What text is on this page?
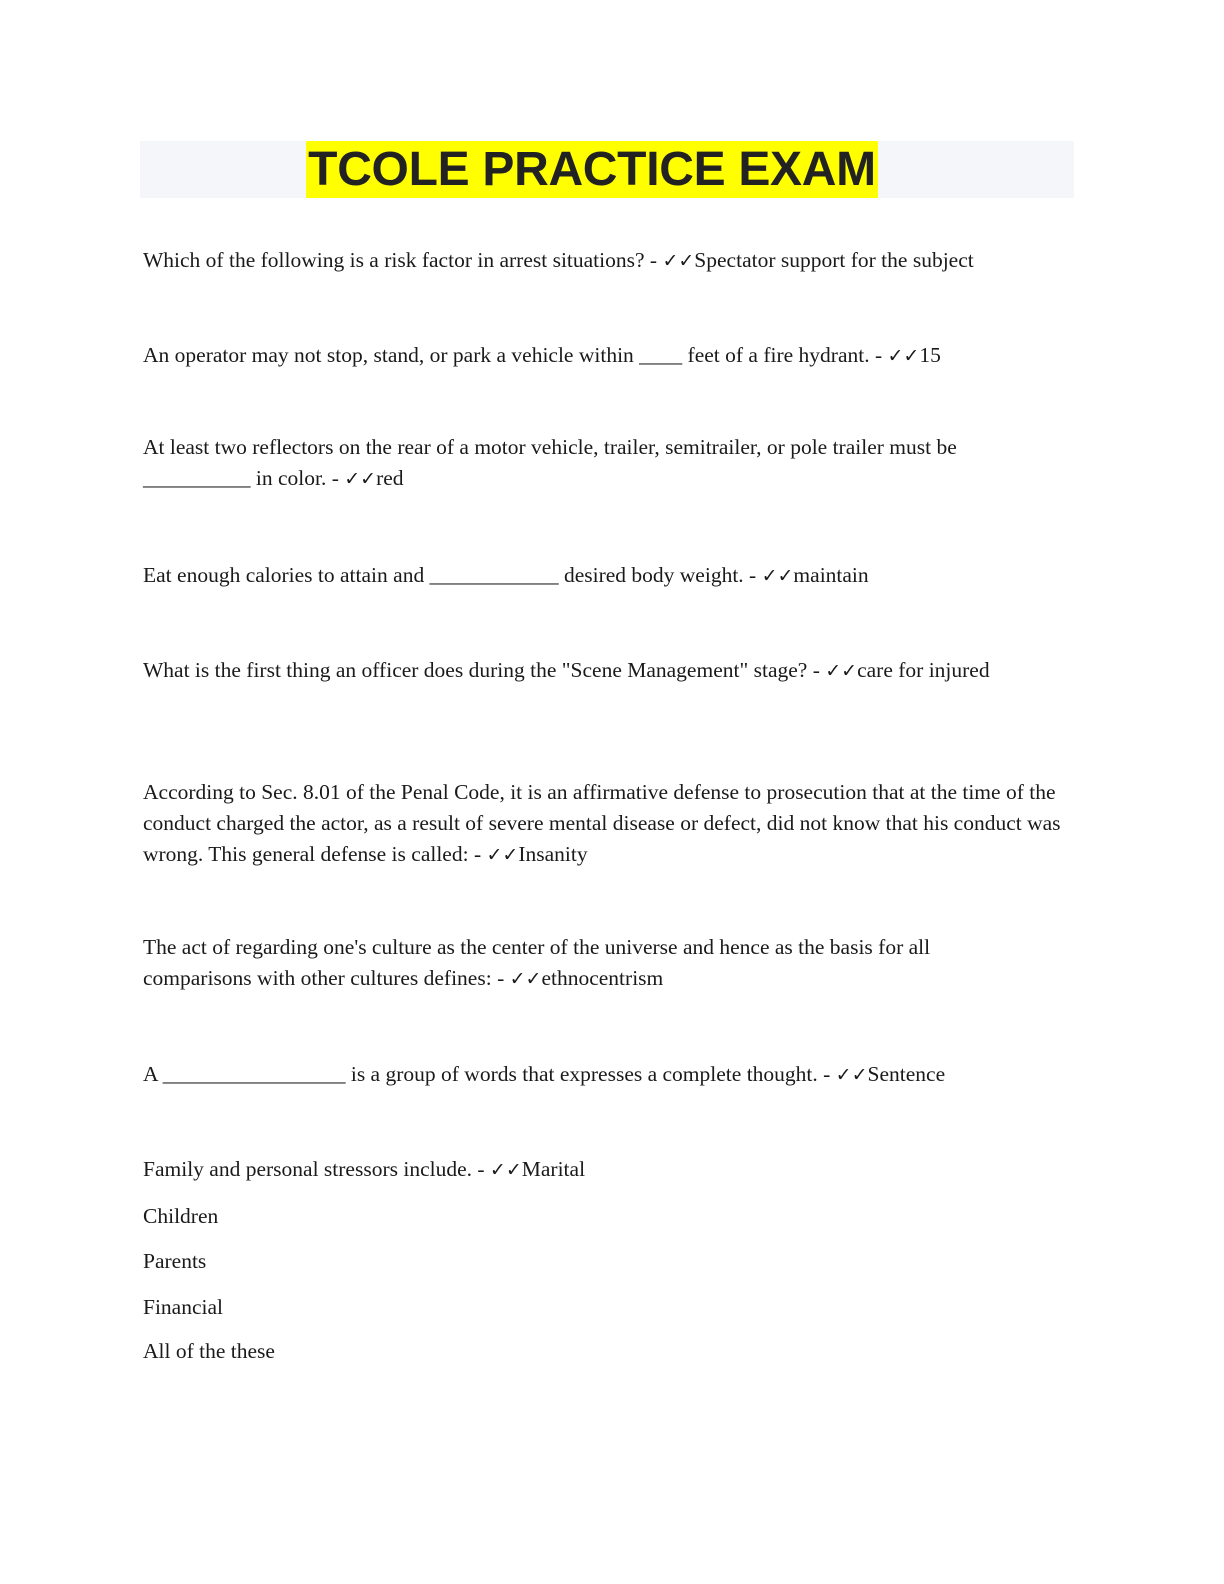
TCOLE PRACTICE EXAM
Which of the following is a risk factor in arrest situations? - ✓✓Spectator support for the subject
An operator may not stop, stand, or park a vehicle within ____ feet of a fire hydrant. - ✓✓15
At least two reflectors on the rear of a motor vehicle, trailer, semitrailer, or pole trailer must be __________ in color. - ✓✓red
Eat enough calories to attain and ____________ desired body weight. - ✓✓maintain
What is the first thing an officer does during the "Scene Management" stage? - ✓✓care for injured
According to Sec. 8.01 of the Penal Code, it is an affirmative defense to prosecution that at the time of the conduct charged the actor, as a result of severe mental disease or defect, did not know that his conduct was wrong. This general defense is called: - ✓✓Insanity
The act of regarding one's culture as the center of the universe and hence as the basis for all comparisons with other cultures defines: - ✓✓ethnocentrism
A _________________ is a group of words that expresses a complete thought. - ✓✓Sentence
Family and personal stressors include. - ✓✓Marital
Children
Parents
Financial
All of the these
